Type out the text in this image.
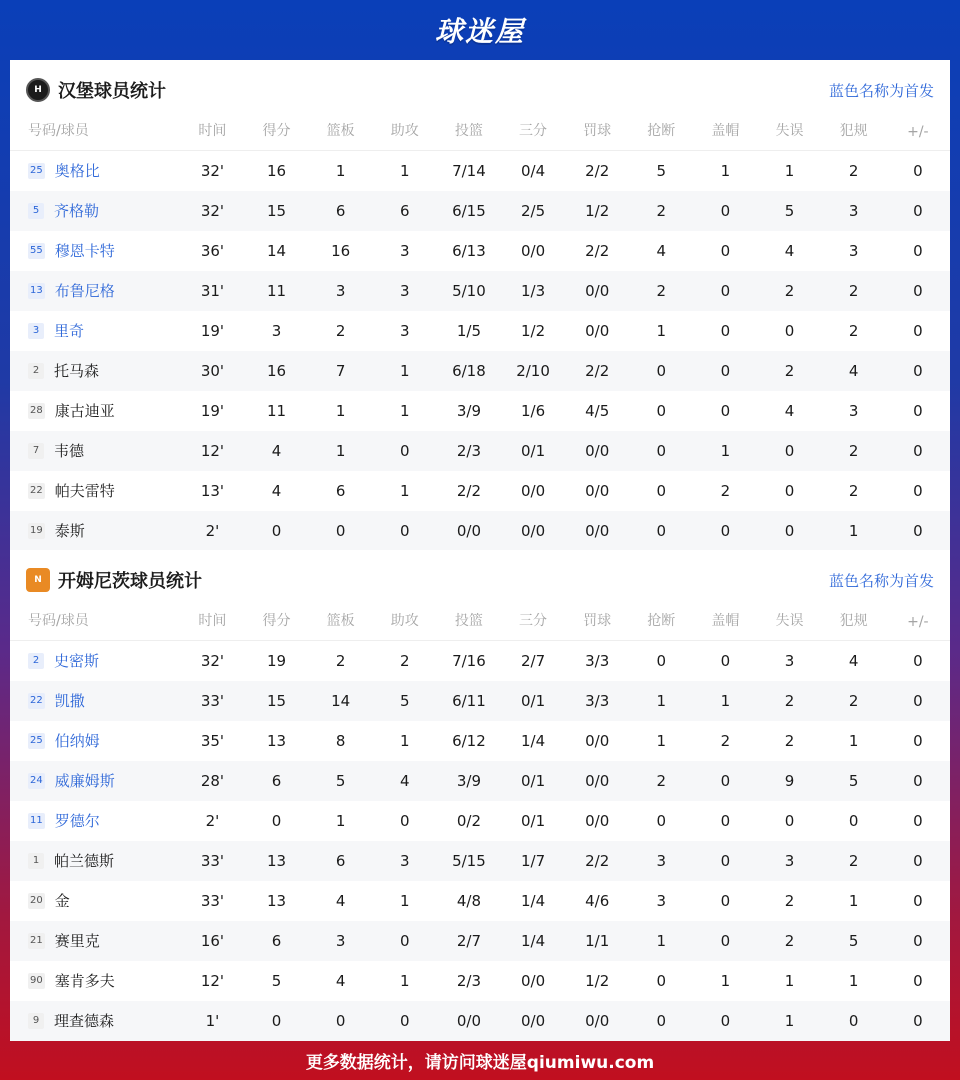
球迷屋
H 汉堡球员统计	蓝色名称为首发
号码/球员	时间	得分	篮板	助攻	投篮	三分	罚球	抢断	盖帽	失误	犯规	+/-
25 奥格比	32'	16	1	1	7/14	0/4	2/2	5	1	1	2	0
5 齐格勒	32'	15	6	6	6/15	2/5	1/2	2	0	5	3	0
55 穆恩卡特	36'	14	16	3	6/13	0/0	2/2	4	0	4	3	0
13 布鲁尼格	31'	11	3	3	5/10	1/3	0/0	2	0	2	2	0
3 里奇	19'	3	2	3	1/5	1/2	0/0	1	0	0	2	0
2 托马森	30'	16	7	1	6/18	2/10	2/2	0	0	2	4	0
28 康古迪亚	19'	11	1	1	3/9	1/6	4/5	0	0	4	3	0
7 韦德	12'	4	1	0	2/3	0/1	0/0	0	1	0	2	0
22 帕夫雷特	13'	4	6	1	2/2	0/0	0/0	0	2	0	2	0
19 泰斯	2'	0	0	0	0/0	0/0	0/0	0	0	0	1	0
N 开姆尼茨球员统计	蓝色名称为首发
号码/球员	时间	得分	篮板	助攻	投篮	三分	罚球	抢断	盖帽	失误	犯规	+/-
2 史密斯	32'	19	2	2	7/16	2/7	3/3	0	0	3	4	0
22 凯撒	33'	15	14	5	6/11	0/1	3/3	1	1	2	2	0
25 伯纳姆	35'	13	8	1	6/12	1/4	0/0	1	2	2	1	0
24 威廉姆斯	28'	6	5	4	3/9	0/1	0/0	2	0	9	5	0
11 罗德尔	2'	0	1	0	0/2	0/1	0/0	0	0	0	0	0
1 帕兰德斯	33'	13	6	3	5/15	1/7	2/2	3	0	3	2	0
20 金	33'	13	4	1	4/8	1/4	4/6	3	0	2	1	0
21 赛里克	16'	6	3	0	2/7	1/4	1/1	1	0	2	5	0
90 塞肯多夫	12'	5	4	1	2/3	0/0	1/2	0	1	1	1	0
9 理查德森	1'	0	0	0	0/0	0/0	0/0	0	0	1	0	0
更多数据统计，请访问球迷屋qiumiwu.com
